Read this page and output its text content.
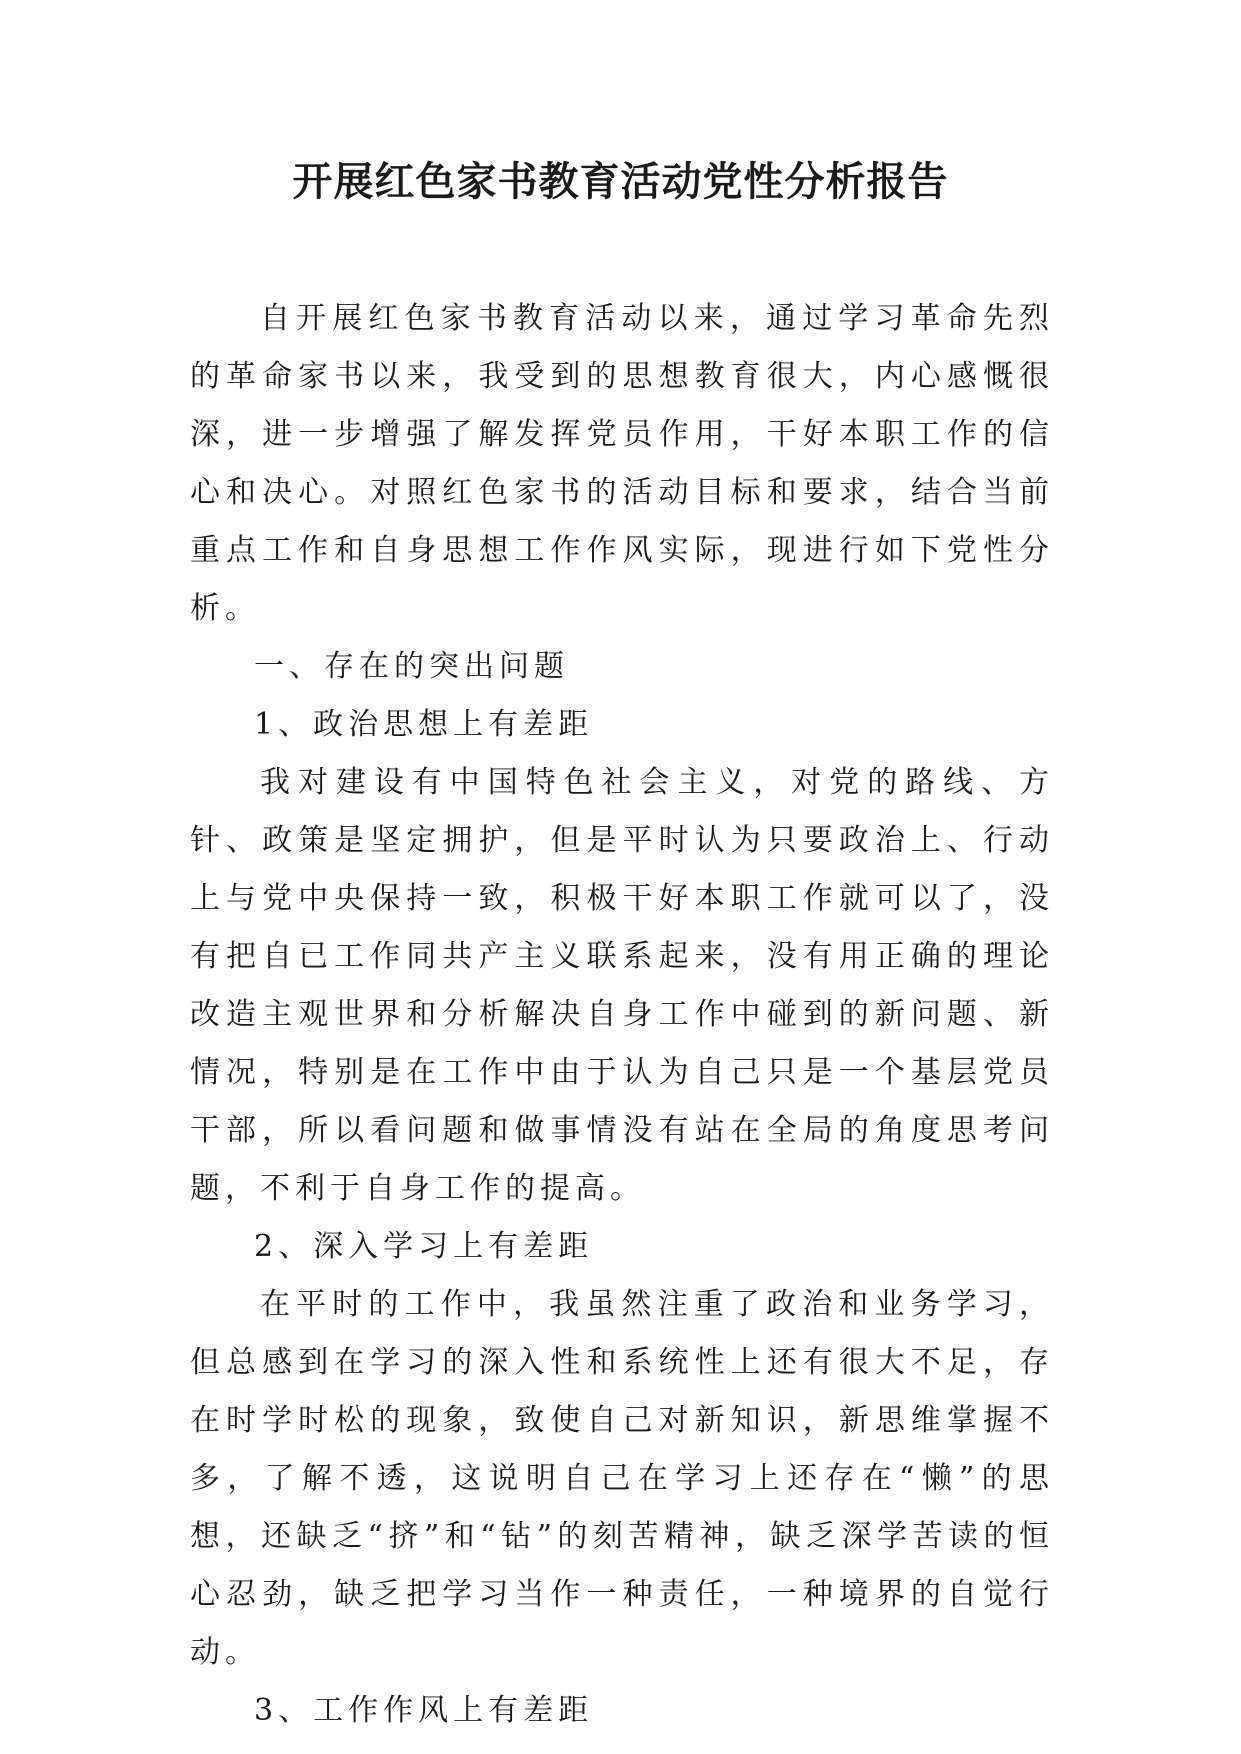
开展红色家书教育活动党性分析报告

自开展红色家书教育活动以来，通过学习革命先烈的革命家书以来，我受到的思想教育很大，内心感慨很深，进一步增强了解发挥党员作用，干好本职工作的信心和决心。对照红色家书的活动目标和要求，结合当前重点工作和自身思想工作作风实际，现进行如下党性分析。

一、存在的突出问题

1、政治思想上有差距

我对建设有中国特色社会主义，对党的路线、方针、政策是坚定拥护，但是平时认为只要政治上、行动上与党中央保持一致，积极干好本职工作就可以了，没有把自已工作同共产主义联系起来，没有用正确的理论改造主观世界和分析解决自身工作中碰到的新问题、新情况，特别是在工作中由于认为自己只是一个基层党员干部，所以看问题和做事情没有站在全局的角度思考问题，不利于自身工作的提高。

2、深入学习上有差距

在平时的工作中，我虽然注重了政治和业务学习，但总感到在学习的深入性和系统性上还有很大不足，存在时学时松的现象，致使自己对新知识，新思维掌握不多，了解不透，这说明自己在学习上还存在“懒”的思想，还缺乏“挤”和“钻”的刻苦精神，缺乏深学苦读的恒心忍劲，缺乏把学习当作一种责任，一种境界的自觉行动。

3、工作作风上有差距
